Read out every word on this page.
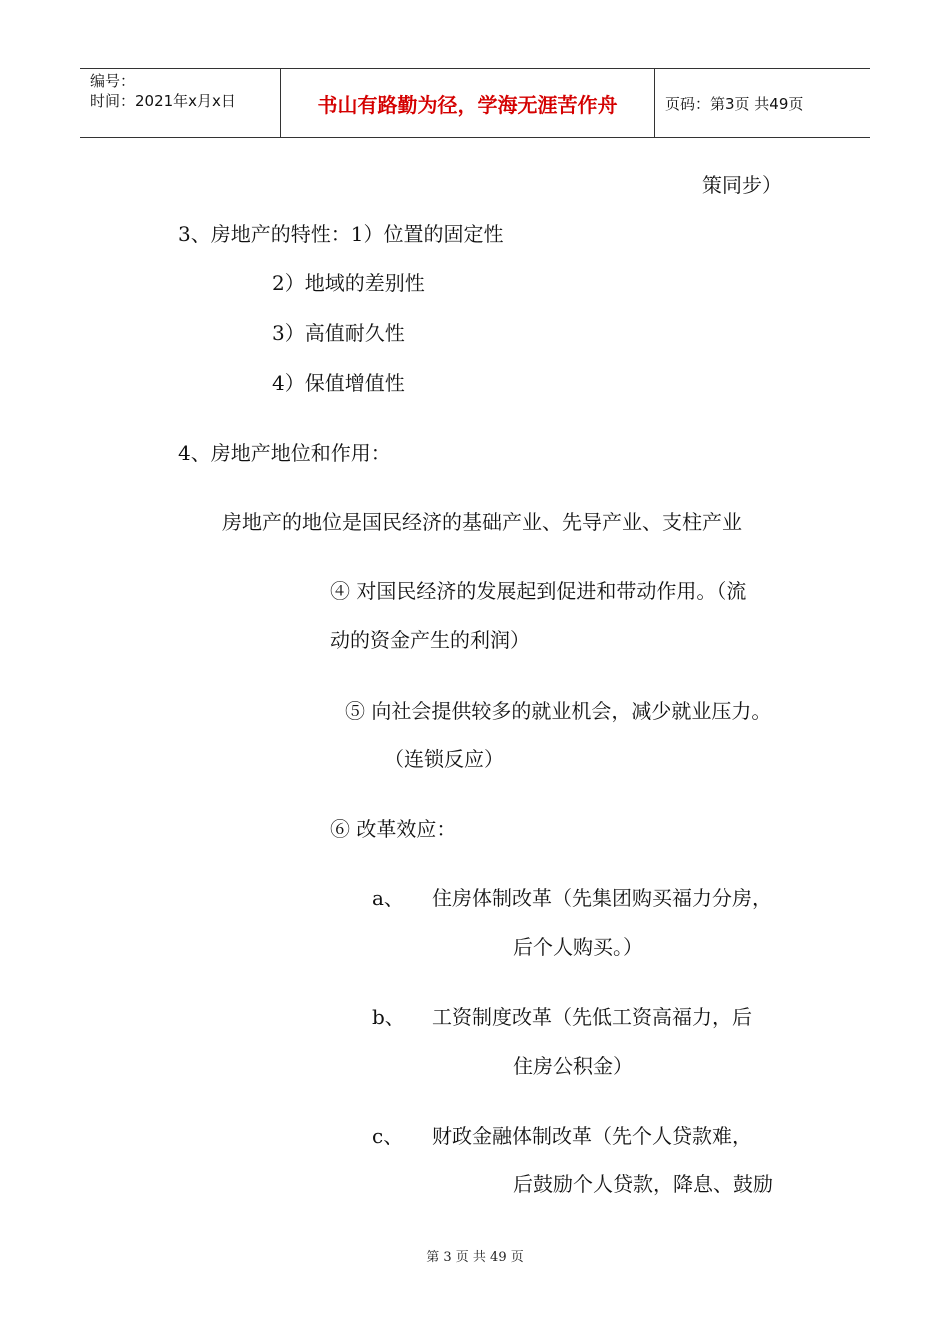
编号：
时间：2021年x月x日	书山有路勤为径，学海无涯苦作舟	页码：第3页 共49页
策同步）
3、房地产的特性：1）位置的固定性
2）地域的差别性
3）高值耐久性
4）保值增值性
4、房地产地位和作用：
房地产的地位是国民经济的基础产业、先导产业、支柱产业
④ 对国民经济的发展起到促进和带动作用。（流
动的资金产生的利润）
⑤ 向社会提供较多的就业机会，减少就业压力。
（连锁反应）
⑥ 改革效应：
a、 住房体制改革（先集团购买福力分房，
后个人购买。）
b、 工资制度改革（先低工资高福力，后
住房公积金）
c、 财政金融体制改革（先个人贷款难，
后鼓励个人贷款，降息、鼓励
第 3 页 共 49 页
